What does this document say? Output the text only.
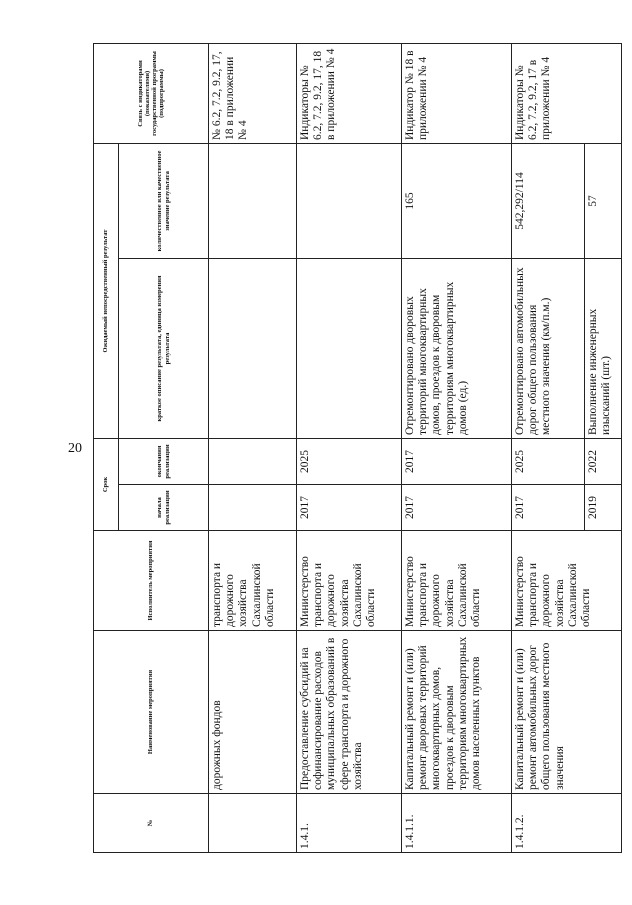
20
№	Наименование мероприятия	Исполнитель мероприятия	Срок		Ожидаемый непосредственный результат		Связь с индикаторами (показателями) государственной программы (подпрограммы)
			начала реализации	окончания реализации	краткое описание результата, единица измерения результата	количественное или качественное значение результата	
	дорожных фондов	транспорта и дорожного хозяйства Сахалинской области					№ 6.2, 7.2, 9.2, 17, 18 в приложении № 4
1.4.1.	Предоставление субсидий на софинансирование расходов муниципальных образований в сфере транспорта и дорожного хозяйства	Министерство транспорта и дорожного хозяйства Сахалинской области	2017	2025			Индикаторы № 6.2, 7.2, 9.2, 17, 18 в приложении № 4
1.4.1.1.	Капитальный ремонт и (или) ремонт дворовых территорий многоквартирных домов, проездов к дворовым территориям многоквартирных домов населенных пунктов	Министерство транспорта и дорожного хозяйства Сахалинской области	2017	2017	Отремонтировано дворовых территорий многоквартирных домов, проездов к дворовым территориям многоквартирных домов (ед.)	165	Индикатор № 18 в приложении № 4
1.4.1.2.	Капитальный ремонт и (или) ремонт автомобильных дорог общего пользования местного значения	Министерство транспорта и дорожного хозяйства Сахалинской области	2017	2025	Отремонтировано автомобильных дорог общего пользования местного значения (км/п.м.)	542,292/114	Индикаторы № 6.2, 7.2, 9.2, 17 в приложении № 4
			2019	2022	Выполнение инженерных изысканий (шт.)	57	
